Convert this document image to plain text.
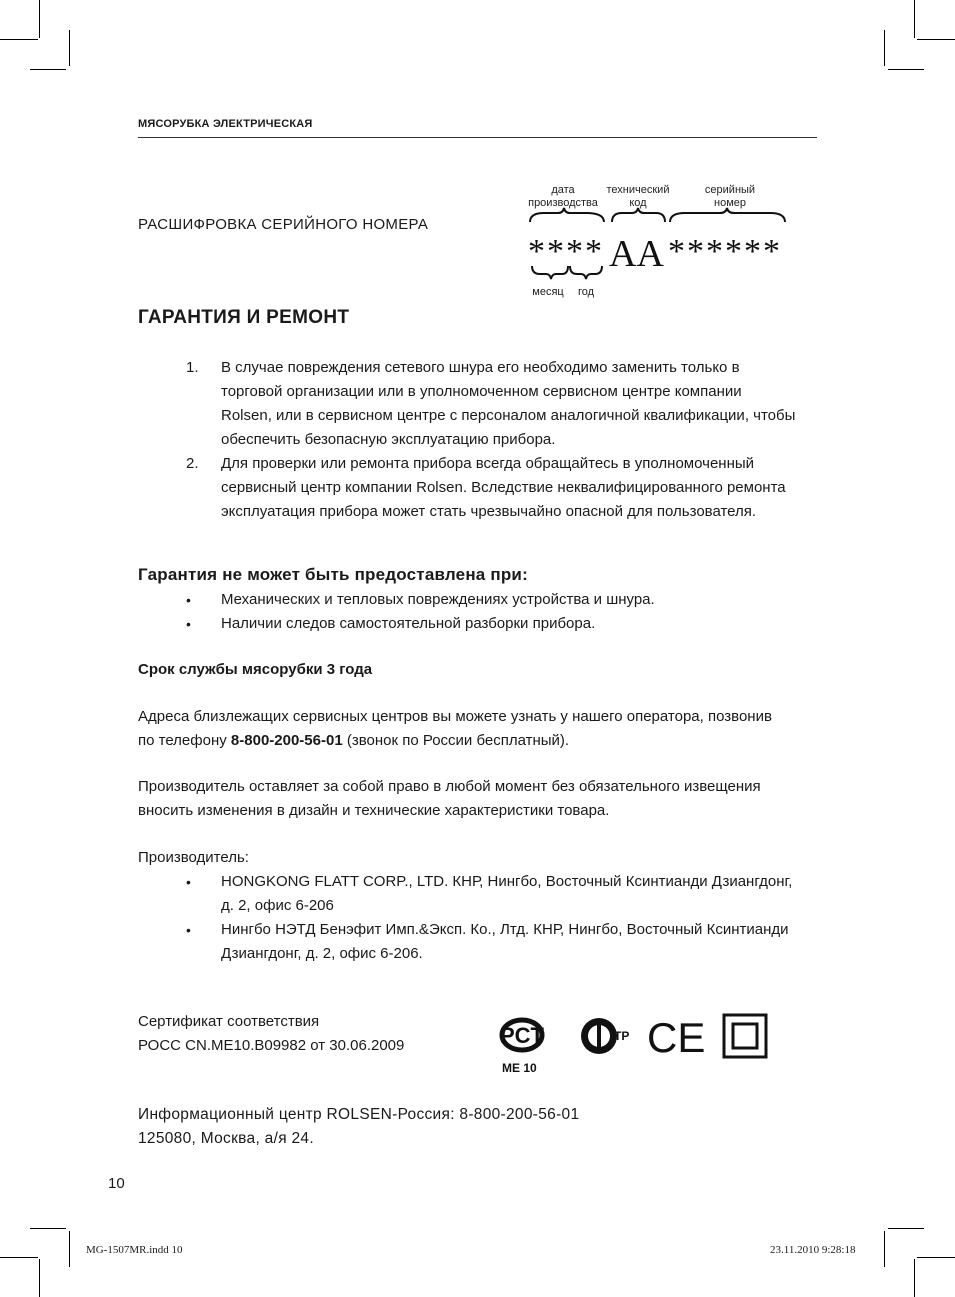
МЯСОРУБКА ЭЛЕКТРИЧЕСКАЯ
РАСШИФРОВКА СЕРИЙНОГО НОМЕРА
дата
производства
технический
код
серийный
номер
**** АА ******
месяц год
ГАРАНТИЯ И РЕМОНТ
1. В случае повреждения сетевого шнура его необходимо заменить только в
торговой организации или в уполномоченном сервисном центре компании
Rolsen, или в сервисном центре с персоналом аналогичной квалификации, чтобы
обеспечить безопасную эксплуатацию прибора.
2. Для проверки или ремонта прибора всегда обращайтесь в уполномоченный
сервисный центр компании Rolsen. Вследствие неквалифицированного ремонта
эксплуатация прибора может стать чрезвычайно опасной для пользователя.
Гарантия не может быть предоставлена при:
• Механических и тепловых повреждениях устройства и шнура.
• Наличии следов самостоятельной разборки прибора.
Срок службы мясорубки 3 года
Адреса близлежащих сервисных центров вы можете узнать у нашего оператора, позвонив
по телефону 8-800-200-56-01 (звонок по России бесплатный).
Производитель оставляет за собой право в любой момент без обязательного извещения
вносить изменения в дизайн и технические характеристики товара.
Производитель:
• HONGKONG FLATT CORP., LTD. КНР, Нингбо, Восточный Ксинтианди Дзиангдонг,
д. 2, офис 6-206
• Нингбо НЭТД Бенэфит Имп.&Эксп. Ко., Лтд. КНР, Нингбо, Восточный Ксинтианди
Дзиангдонг, д. 2, офис 6-206.
Сертификат соответствия
РОСС CN.ME10.B09982 от 30.06.2009	PCT
ME 10
TP CE
Информационный центр ROLSEN-Россия: 8-800-200-56-01
125080, Москва, а/я 24.
10
MG-1507MR.indd 10	23.11.2010 9:28:18
